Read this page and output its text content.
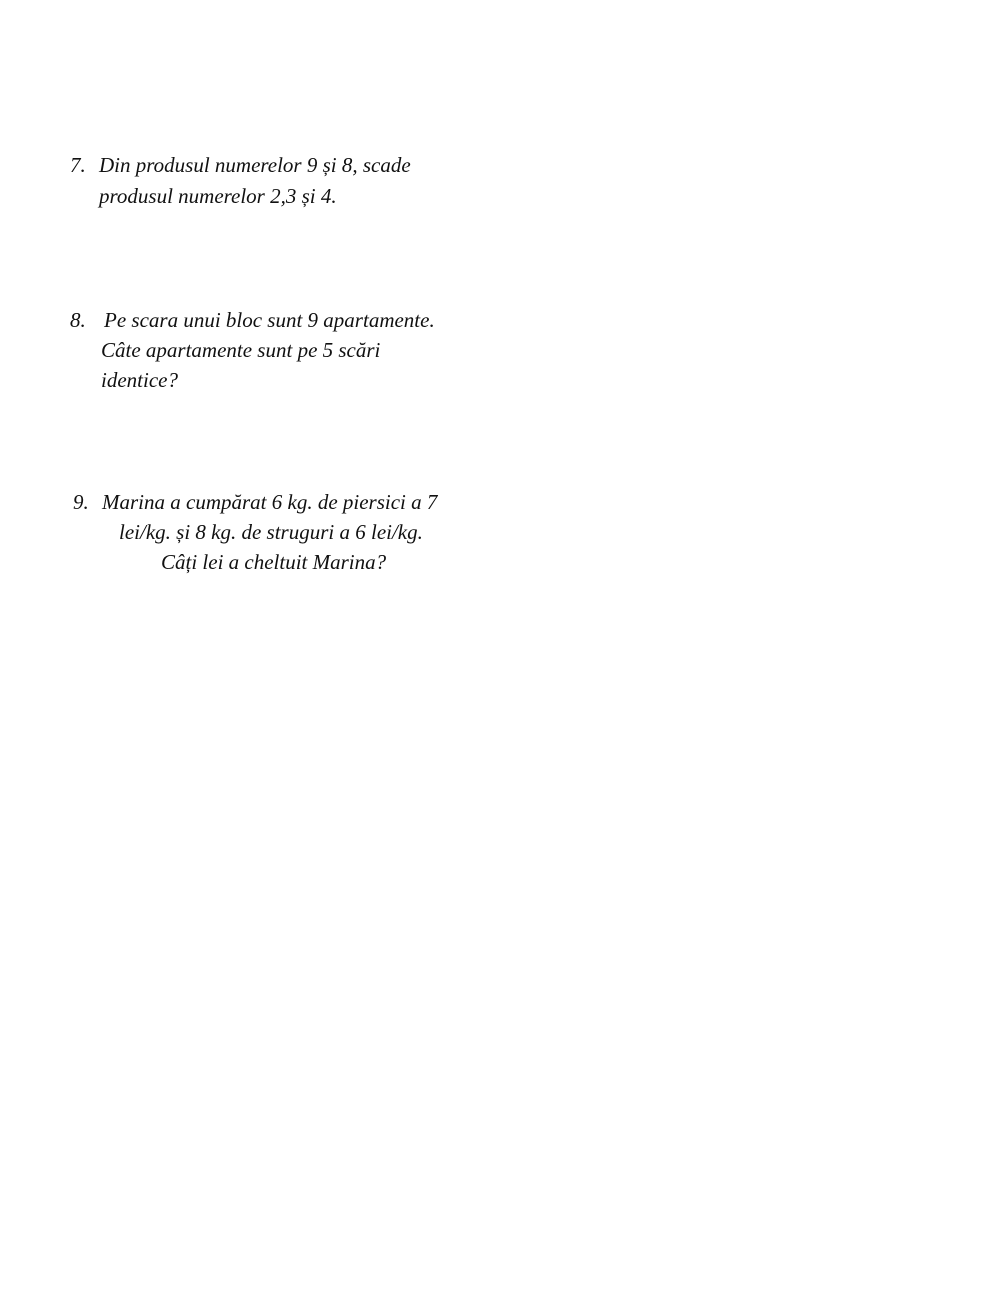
7. Din produsul numerelor 9 și 8, scade
produsul numerelor 2,3 și 4.
8. Pe scara unui bloc sunt 9 apartamente.
Câte apartamente sunt pe 5 scări
identice?
9. Marina a cumpărat 6 kg. de piersici a 7
lei/kg. și 8 kg. de struguri a 6 lei/kg.
Câți lei a cheltuit Marina?
